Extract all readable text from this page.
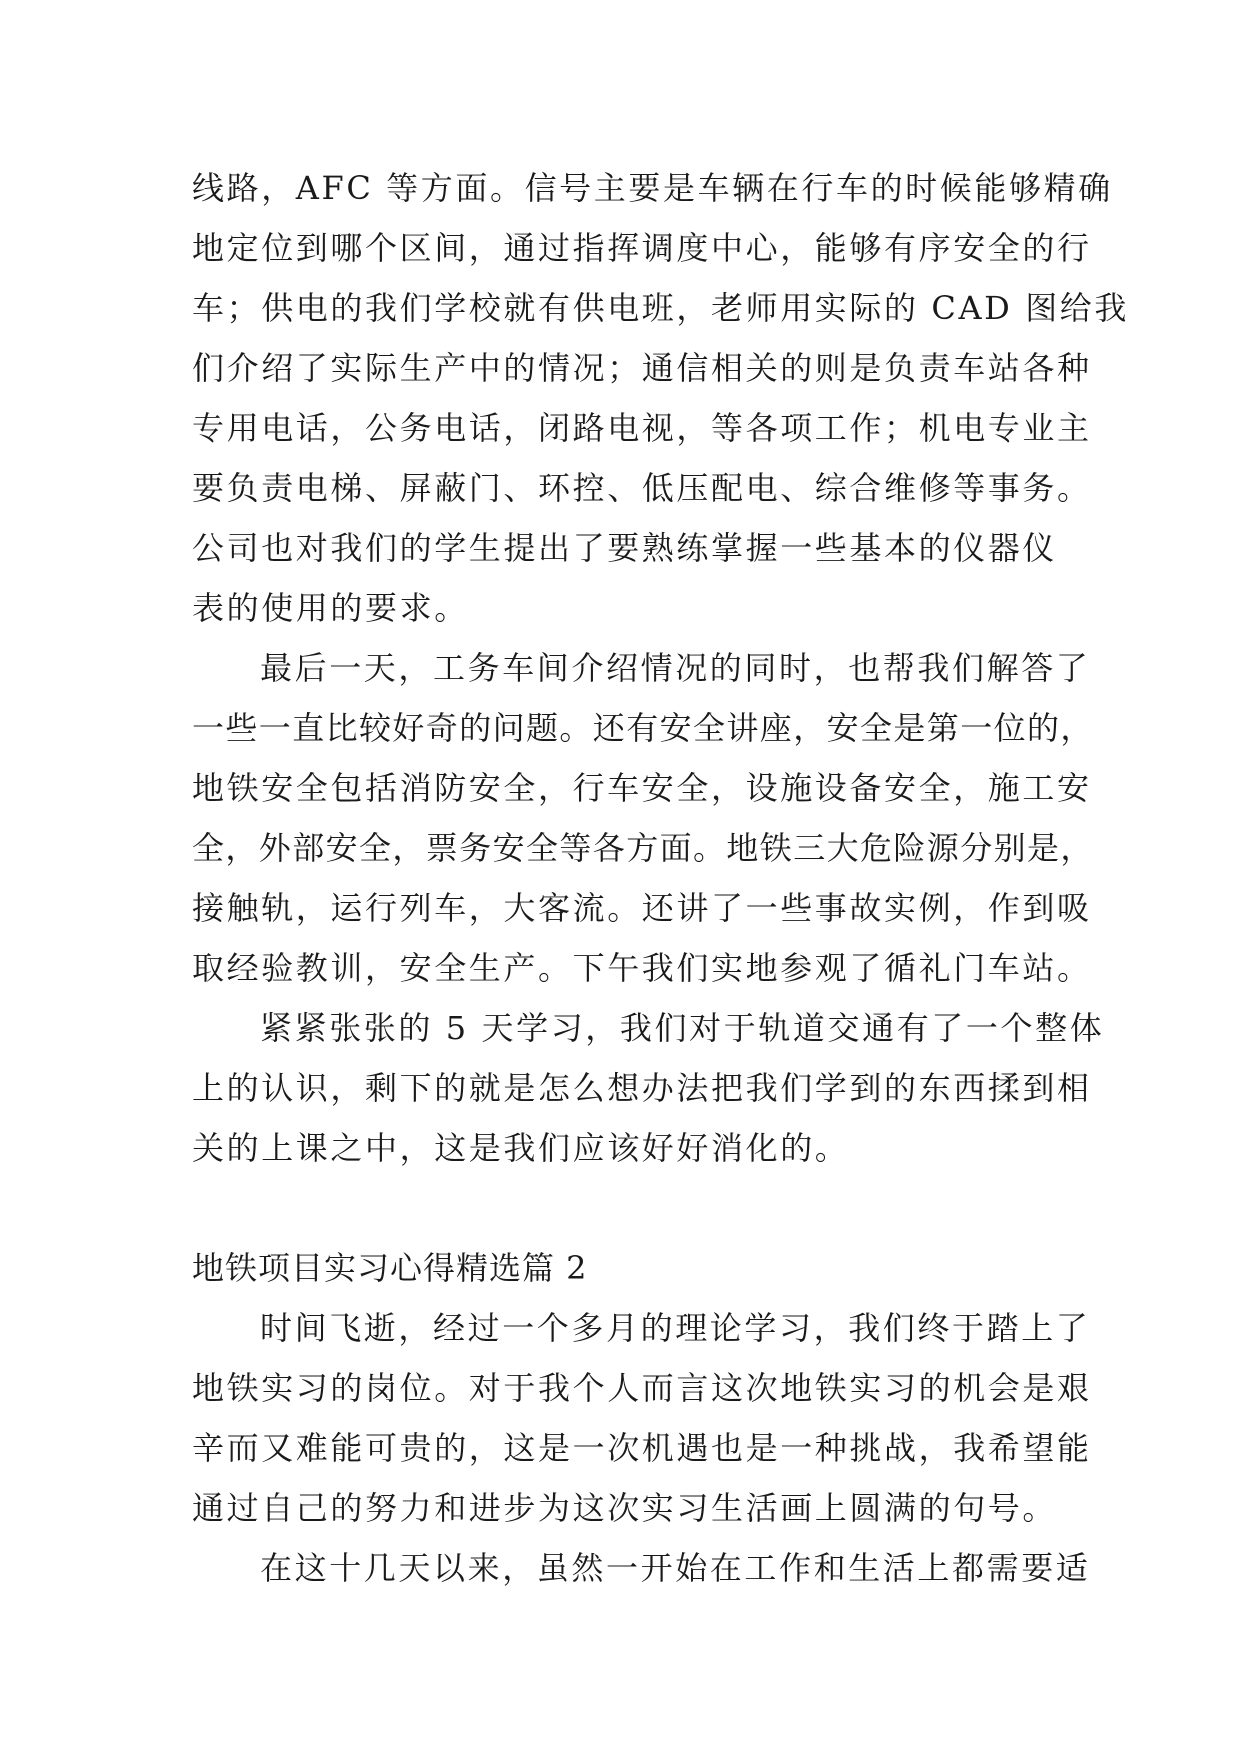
线路，AFC 等方面。信号主要是车辆在行车的时候能够精确
地定位到哪个区间，通过指挥调度中心，能够有序安全的行
车；供电的我们学校就有供电班，老师用实际的 CAD 图给我
们介绍了实际生产中的情况；通信相关的则是负责车站各种
专用电话，公务电话，闭路电视，等各项工作；机电专业主
要负责电梯、屏蔽门、环控、低压配电、综合维修等事务。
公司也对我们的学生提出了要熟练掌握一些基本的仪器仪
表的使用的要求。
最后一天，工务车间介绍情况的同时，也帮我们解答了
一些一直比较好奇的问题。还有安全讲座，安全是第一位的，
地铁安全包括消防安全，行车安全，设施设备安全，施工安
全，外部安全，票务安全等各方面。地铁三大危险源分别是，
接触轨，运行列车，大客流。还讲了一些事故实例，作到吸
取经验教训，安全生产。下午我们实地参观了循礼门车站。
紧紧张张的 5 天学习，我们对于轨道交通有了一个整体
上的认识，剩下的就是怎么想办法把我们学到的东西揉到相
关的上课之中，这是我们应该好好消化的。
地铁项目实习心得精选篇 2
时间飞逝，经过一个多月的理论学习，我们终于踏上了
地铁实习的岗位。对于我个人而言这次地铁实习的机会是艰
辛而又难能可贵的，这是一次机遇也是一种挑战，我希望能
通过自己的努力和进步为这次实习生活画上圆满的句号。
在这十几天以来，虽然一开始在工作和生活上都需要适
